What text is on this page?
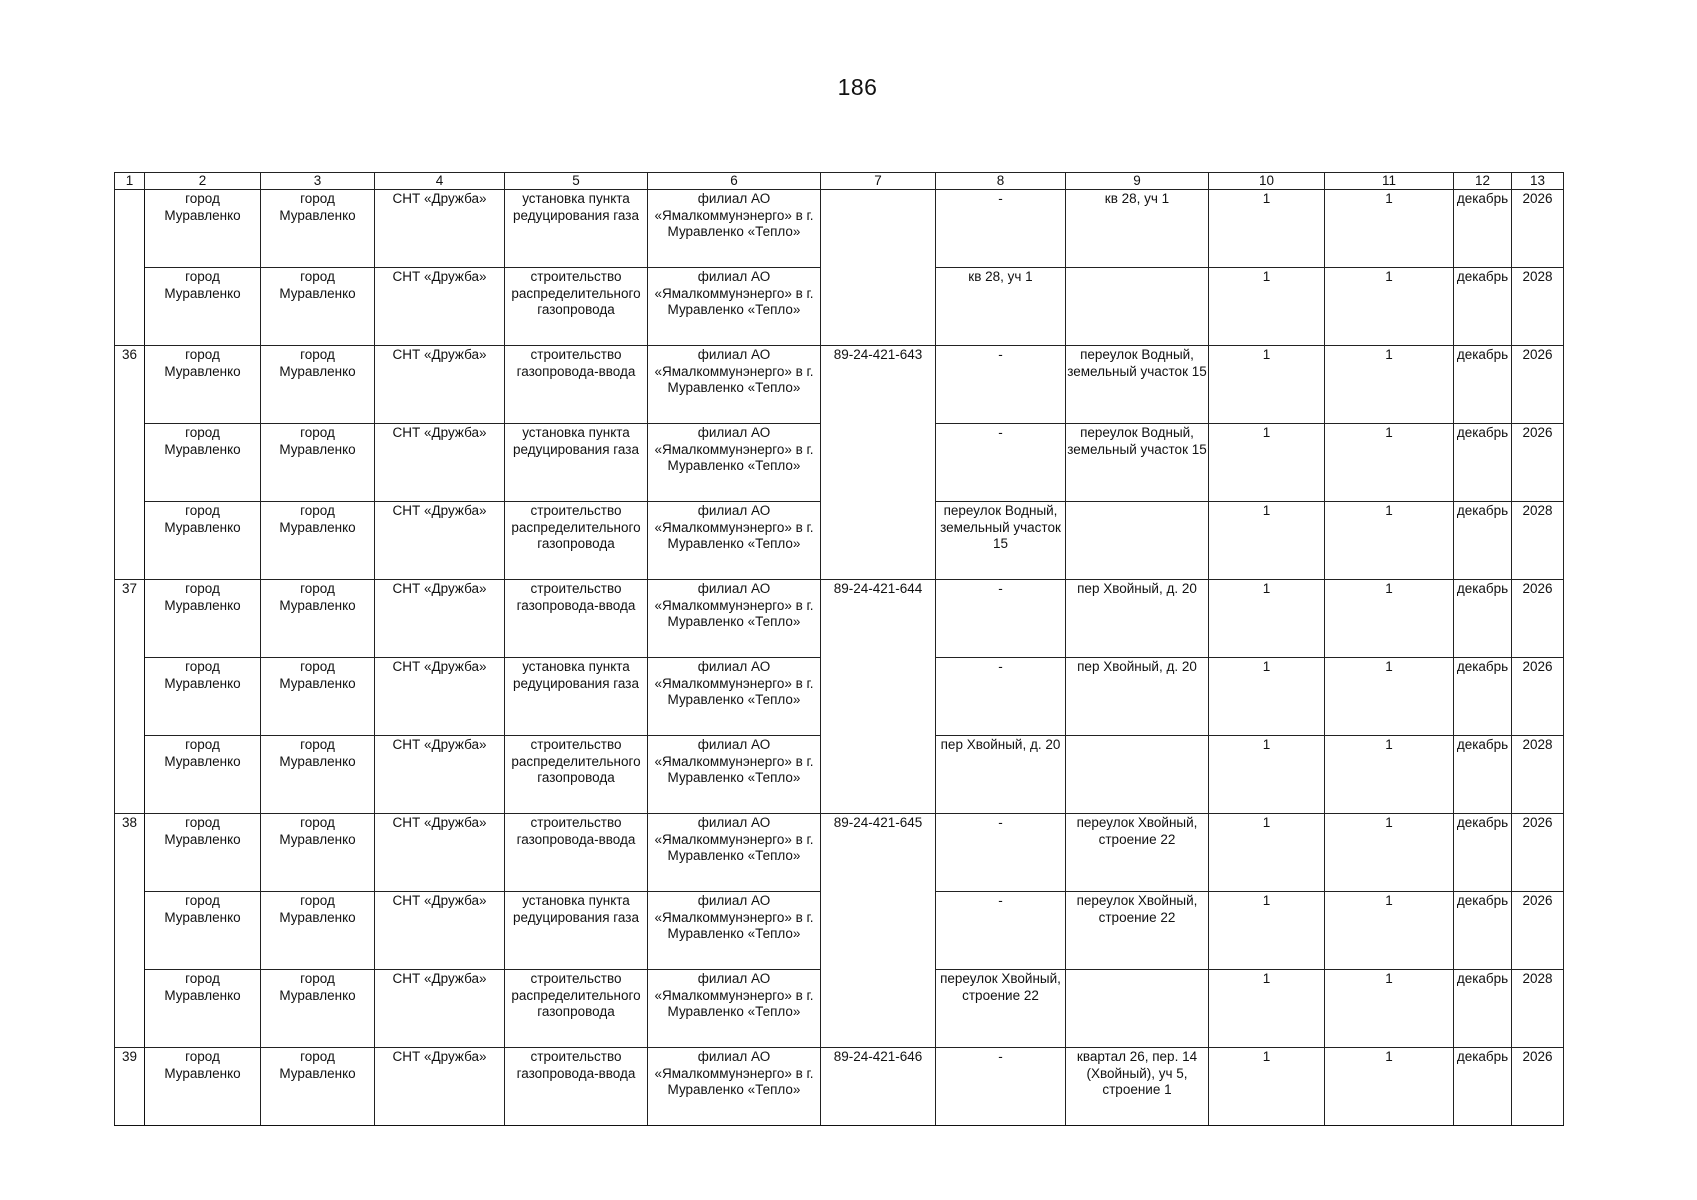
186
1	2	3	4	5	6	7	8	9	10	11	12	13
	город Муравленко	город Муравленко	СНТ «Дружба»	установка пункта редуцирования газа	филиал АО «Ямалкоммунэнерго» в г. Муравленко «Тепло»		-	кв 28, уч 1	1	1	декабрь	2026
	город Муравленко	город Муравленко	СНТ «Дружба»	строительство распределительного газопровода	филиал АО «Ямалкоммунэнерго» в г. Муравленко «Тепло»		кв 28, уч 1		1	1	декабрь	2028
36	город Муравленко	город Муравленко	СНТ «Дружба»	строительство газопровода-ввода	филиал АО «Ямалкоммунэнерго» в г. Муравленко «Тепло»	89-24-421-643	-	переулок Водный, земельный участок 15	1	1	декабрь	2026
	город Муравленко	город Муравленко	СНТ «Дружба»	установка пункта редуцирования газа	филиал АО «Ямалкоммунэнерго» в г. Муравленко «Тепло»		-	переулок Водный, земельный участок 15	1	1	декабрь	2026
	город Муравленко	город Муравленко	СНТ «Дружба»	строительство распределительного газопровода	филиал АО «Ямалкоммунэнерго» в г. Муравленко «Тепло»		переулок Водный, земельный участок 15		1	1	декабрь	2028
37	город Муравленко	город Муравленко	СНТ «Дружба»	строительство газопровода-ввода	филиал АО «Ямалкоммунэнерго» в г. Муравленко «Тепло»	89-24-421-644	-	пер Хвойный, д. 20	1	1	декабрь	2026
	город Муравленко	город Муравленко	СНТ «Дружба»	установка пункта редуцирования газа	филиал АО «Ямалкоммунэнерго» в г. Муравленко «Тепло»		-	пер Хвойный, д. 20	1	1	декабрь	2026
	город Муравленко	город Муравленко	СНТ «Дружба»	строительство распределительного газопровода	филиал АО «Ямалкоммунэнерго» в г. Муравленко «Тепло»		пер Хвойный, д. 20		1	1	декабрь	2028
38	город Муравленко	город Муравленко	СНТ «Дружба»	строительство газопровода-ввода	филиал АО «Ямалкоммунэнерго» в г. Муравленко «Тепло»	89-24-421-645	-	переулок Хвойный, строение 22	1	1	декабрь	2026
	город Муравленко	город Муравленко	СНТ «Дружба»	установка пункта редуцирования газа	филиал АО «Ямалкоммунэнерго» в г. Муравленко «Тепло»		-	переулок Хвойный, строение 22	1	1	декабрь	2026
	город Муравленко	город Муравленко	СНТ «Дружба»	строительство распределительного газопровода	филиал АО «Ямалкоммунэнерго» в г. Муравленко «Тепло»		переулок Хвойный, строение 22		1	1	декабрь	2028
39	город Муравленко	город Муравленко	СНТ «Дружба»	строительство газопровода-ввода	филиал АО «Ямалкоммунэнерго» в г. Муравленко «Тепло»	89-24-421-646	-	квартал 26, пер. 14 (Хвойный), уч 5, строение 1	1	1	декабрь	2026
